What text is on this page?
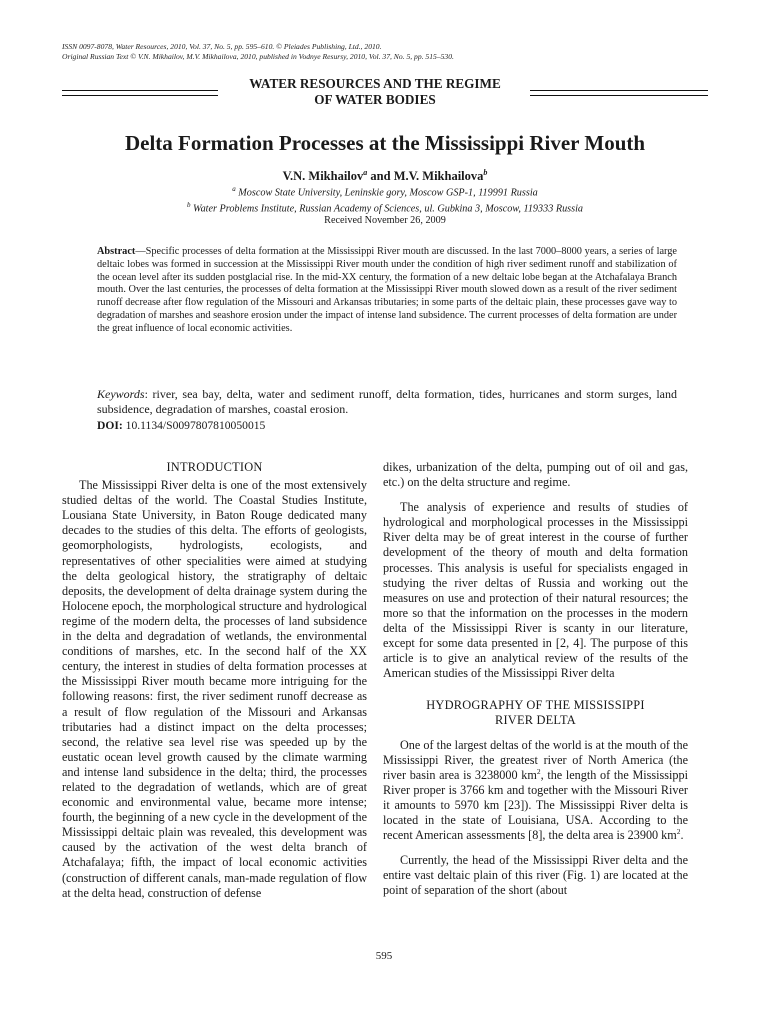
ISSN 0097-8078, Water Resources, 2010, Vol. 37, No. 5, pp. 595–610. © Pleiades Publishing, Ltd., 2010.
Original Russian Text © V.N. Mikhailov, M.V. Mikhailova, 2010, published in Vodnye Resursy, 2010, Vol. 37, No. 5, pp. 515–530.
WATER RESOURCES AND THE REGIME
OF WATER BODIES
Delta Formation Processes at the Mississippi River Mouth
V.N. Mikhailov$^a$ and M.V. Mikhailova$^b$
$^a$ Moscow State University, Leninskie gory, Moscow GSP-1, 119991 Russia
$^b$ Water Problems Institute, Russian Academy of Sciences, ul. Gubkina 3, Moscow, 119333 Russia
Received November 26, 2009
Abstract—Specific processes of delta formation at the Mississippi River mouth are discussed. In the last 7000–8000 years, a series of large deltaic lobes was formed in succession at the Mississippi River mouth under the condition of high river sediment runoff and stabilization of the ocean level after its sudden postglacial rise. In the mid-XX century, the formation of a new deltaic lobe began at the Atchafalaya Branch mouth. Over the last centuries, the processes of delta formation at the Mississippi River mouth slowed down as a result of the river sediment runoff decrease after flow regulation of the Missouri and Arkansas tributaries; in some parts of the deltaic plain, these processes gave way to degradation of marshes and seashore erosion under the impact of intense land subsidence. The current processes of delta formation are under the great influence of local economic activities.
Keywords: river, sea bay, delta, water and sediment runoff, delta formation, tides, hurricanes and storm surges, land subsidence, degradation of marshes, coastal erosion.
DOI: 10.1134/S0097807810050015
INTRODUCTION

The Mississippi River delta is one of the most extensively studied deltas of the world. The Coastal Studies Institute, Lousiana State University, in Baton Rouge dedicated many decades to the studies of this delta. The efforts of geologists, geomorphologists, hydrologists, ecologists, and representatives of other specialities were aimed at studying the delta geological history, the stratigraphy of deltaic deposits, the development of delta drainage system during the Holocene epoch, the morphological structure and hydrological regime of the modern delta, the processes of land subsidence in the delta and degradation of wetlands, the environmental conditions of marshes, etc. In the second half of the XX century, the interest in studies of delta formation processes at the Mississippi River mouth became more intriguing for the following reasons: first, the river sediment runoff decrease as a result of flow regulation of the Missouri and Arkansas tributaries had a distinct impact on the delta processes; second, the relative sea level rise was speeded up by the eustatic ocean level growth caused by the climate warming and intense land subsidence in the delta; third, the processes related to the degradation of wetlands, which are of great economic and environmental value, became more intense; fourth, the beginning of a new cycle in the development of the Mississippi deltaic plain was revealed, this development was caused by the activation of the west delta branch of Atchafalaya; fifth, the impact of local economic activities (construction of different canals, man-made regulation of flow at the delta head, construction of defense

dikes, urbanization of the delta, pumping out of oil and gas, etc.) on the delta structure and regime.

The analysis of experience and results of studies of hydrological and morphological processes in the Mississippi River delta may be of great interest in the course of further development of the theory of mouth and delta formation processes. This analysis is useful for specialists engaged in studying the river deltas of Russia and working out the measures on use and protection of their natural resources; the more so that the information on the processes in the modern delta of the Mississippi River is scanty in our literature, except for some data presented in [2, 4]. The purpose of this article is to give an analytical review of the results of the American studies of the Mississippi River delta

HYDROGRAPHY OF THE MISSISSIPPI
RIVER DELTA

One of the largest deltas of the world is at the mouth of the Mississippi River, the greatest river of North America (the river basin area is 3238000 $km^2$, the length of the Mississippi River proper is 3766 km and together with the Missouri River it amounts to 5970 km [23]). The Mississippi River delta is located in the state of Louisiana, USA. According to the recent American assessments [8], the delta area is 23900 $km^2$.

Currently, the head of the Mississippi River delta and the entire vast deltaic plain of this river (Fig. 1) are located at the point of separation of the short (about

595
